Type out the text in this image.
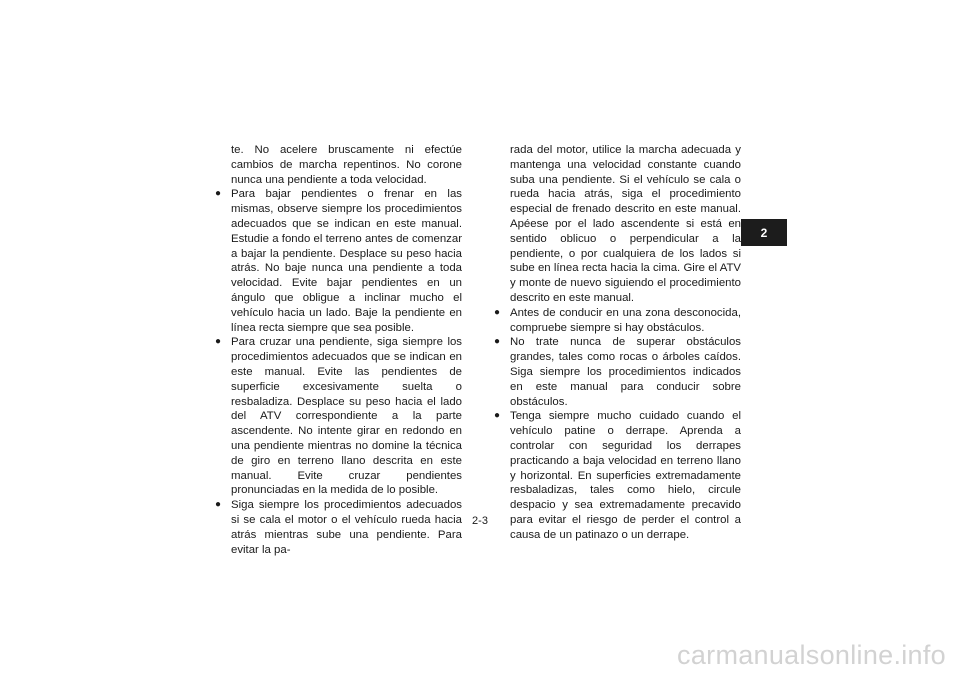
te. No acelere bruscamente ni efectúe cambios de marcha repentinos. No corone nunca una pendiente a toda velocidad.

● Para bajar pendientes o frenar en las mismas, observe siempre los procedimientos adecuados que se indican en este manual. Estudie a fondo el terreno antes de comenzar a bajar la pendiente. Desplace su peso hacia atrás. No baje nunca una pendiente a toda velocidad. Evite bajar pendientes en un ángulo que obligue a inclinar mucho el vehículo hacia un lado. Baje la pendiente en línea recta siempre que sea posible.

● Para cruzar una pendiente, siga siempre los procedimientos adecuados que se indican en este manual. Evite las pendientes de superficie excesivamente suelta o resbaladiza. Desplace su peso hacia el lado del ATV correspondiente a la parte ascendente. No intente girar en redondo en una pendiente mientras no domine la técnica de giro en terreno llano descrita en este manual. Evite cruzar pendientes pronunciadas en la medida de lo posible.

● Siga siempre los procedimientos adecuados si se cala el motor o el vehículo rueda hacia atrás mientras sube una pendiente. Para evitar la pa-

rada del motor, utilice la marcha adecuada y mantenga una velocidad constante cuando suba una pendiente. Si el vehículo se cala o rueda hacia atrás, siga el procedimiento especial de frenado descrito en este manual. Apéese por el lado ascendente si está en sentido oblicuo o perpendicular a la pendiente, o por cualquiera de los lados si sube en línea recta hacia la cima. Gire el ATV y monte de nuevo siguiendo el procedimiento descrito en este manual.

● Antes de conducir en una zona desconocida, compruebe siempre si hay obstáculos.

● No trate nunca de superar obstáculos grandes, tales como rocas o árboles caídos. Siga siempre los procedimientos indicados en este manual para conducir sobre obstáculos.

● Tenga siempre mucho cuidado cuando el vehículo patine o derrape. Aprenda a controlar con seguridad los derrapes practicando a baja velocidad en terreno llano y horizontal. En superficies extremadamente resbaladizas, tales como hielo, circule despacio y sea extremadamente precavido para evitar el riesgo de perder el control a causa de un patinazo o un derrape.

2
2-3
carmanualsonline.info
